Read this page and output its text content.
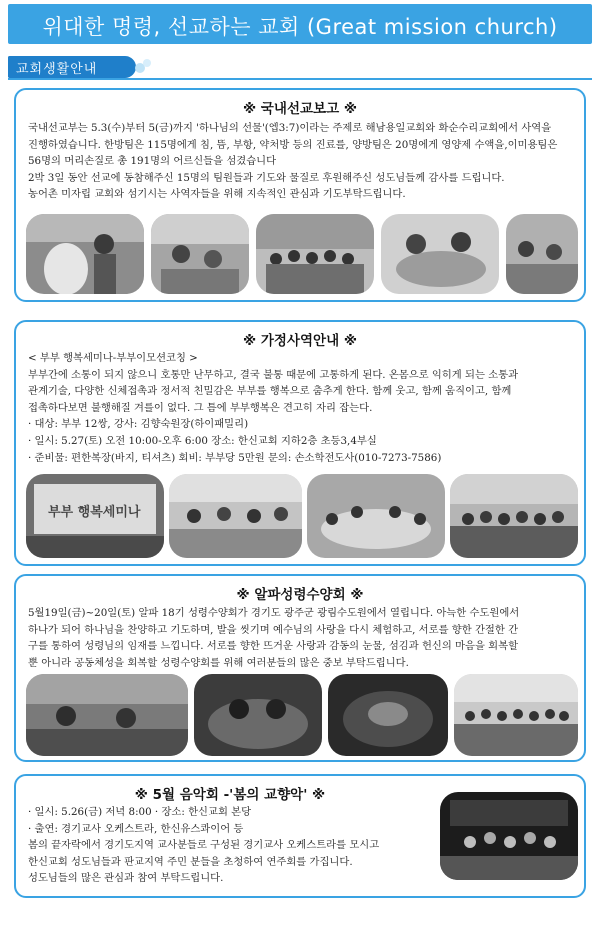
위대한 명령, 선교하는 교회 (Great mission church)
교회생활안내
※ 국내선교보고 ※

국내선교부는 5.3(수)부터 5(금)까지 '하나님의 선물'(엡3:7)이라는 주제로 해남용일교회와 화순수리교회에서 사역을

진행하였습니다. 한방팀은 115명에게 침, 뜸, 부항, 약처방 등의 진료를, 양방팀은 20명에게 영양제 수액을,이미용팀은

56명의 머리손질로 총 191명의 어르신들을 섬겼습니다

2박 3일 동안 선교에 동참해주신 15명의 팀원들과 기도와 물질로 후원해주신 성도님들께 감사를 드립니다.

농어촌 미자립 교회와 섬기시는 사역자들을 위해 지속적인 관심과 기도부탁드립니다.

※ 가정사역안내 ※

< 부부 행복세미나-부부이모션코칭 >

부부간에 소통이 되지 않으니 호통만 난무하고, 결국 불통 때문에 고통하게 된다. 온몸으로 익히게 되는 소통과

관계기술, 다양한 신체접촉과 정서적 친밀감은 부부를 행복으로 춤추게 한다. 함께 웃고, 함께 움직이고, 함께

접촉하다보면 불행해질 겨를이 없다. 그 틈에 부부행복은 견고히 자리 잡는다.

· 대상: 부부 12쌍, 강사: 김향숙원장(하이패밀리)

· 일시: 5.27(토) 오전 10:00-오후 6:00 장소: 한신교회 지하2층 초등3,4부실

· 준비물: 편한복장(바지, 티셔츠) 회비: 부부당 5만원 문의: 손소학전도사(010-7273-7586)

부부 행복세미나
※ 알파성령수양회 ※

5월19일(금)~20일(토) 알파 18기 성령수양회가 경기도 광주군 광림수도원에서 열립니다. 아늑한 수도원에서

하나가 되어 하나님을 찬양하고 기도하며, 발을 씻기며 예수님의 사랑을 다시 체험하고, 서로를 향한 간절한 간

구를 통하여 성령님의 임재를 느낍니다. 서로를 향한 뜨거운 사랑과 감동의 눈물, 섬김과 헌신의 마음을 회복할

뿐 아니라 공동체성을 회복할 성령수양회를 위해 여러분들의 많은 중보 부탁드립니다.

※ 5월 음악회 -'봄의 교향악' ※

· 일시: 5.26(금) 저녁 8:00 · 장소: 한신교회 본당

· 출연: 경기교사 오케스트라, 한신유스콰이어 등

봄의 끝자락에서 경기도지역 교사분들로 구성된 경기교사 오케스트라를 모시고

한신교회 성도님들과 판교지역 주민 분들을 초청하여 연주회를 가집니다.

성도님들의 많은 관심과 참여 부탁드립니다.
